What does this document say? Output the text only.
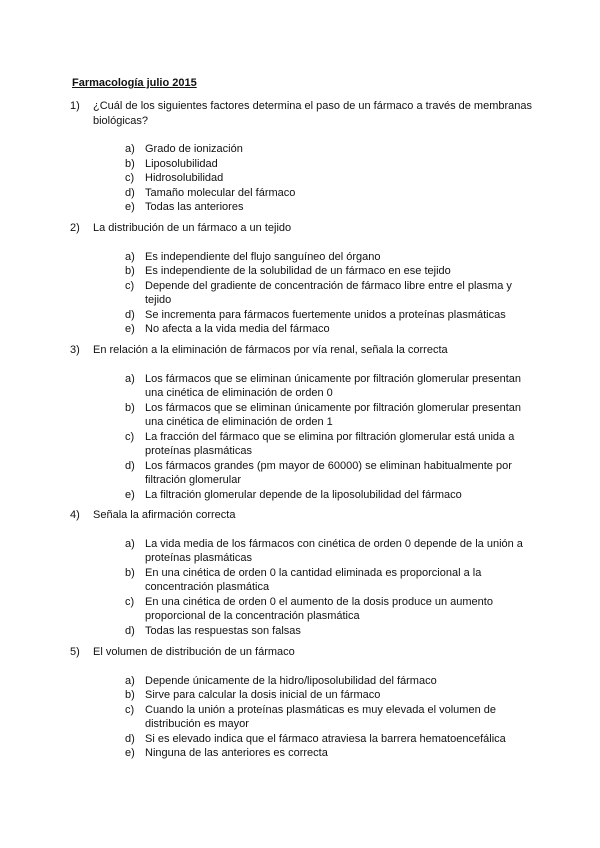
Farmacología julio 2015
1) ¿Cuál de los siguientes factores determina el paso de un fármaco a través de membranas biológicas?
a) Grado de ionización
b) Liposolubilidad
c) Hidrosolubilidad
d) Tamaño molecular del fármaco
e) Todas las anteriores
2) La distribución de un fármaco a un tejido
a) Es independiente del flujo sanguíneo del órgano
b) Es independiente de la solubilidad de un fármaco en ese tejido
c) Depende del gradiente de concentración de fármaco libre entre el plasma y tejido
d) Se incrementa para fármacos fuertemente unidos a proteínas plasmáticas
e) No afecta a la vida media del fármaco
3) En relación a la eliminación de fármacos por vía renal, señala la correcta
a) Los fármacos que se eliminan únicamente por filtración glomerular presentan una cinética de eliminación de orden 0
b) Los fármacos que se eliminan únicamente por filtración glomerular presentan una cinética de eliminación de orden 1
c) La fracción del fármaco que se elimina por filtración glomerular está unida a proteínas plasmáticas
d) Los fármacos grandes (pm mayor de 60000) se eliminan habitualmente por filtración glomerular
e) La filtración glomerular depende de la liposolubilidad del fármaco
4) Señala la afirmación correcta
a) La vida media de los fármacos con cinética de orden 0 depende de la unión a proteínas plasmáticas
b) En una cinética de orden 0 la cantidad eliminada es proporcional a la concentración plasmática
c) En una cinética de orden 0 el aumento de la dosis produce un aumento proporcional de la concentración plasmática
d) Todas las respuestas son falsas
5) El volumen de distribución de un fármaco
a) Depende únicamente de la hidro/liposolubilidad del fármaco
b) Sirve para calcular la dosis inicial de un fármaco
c) Cuando la unión a proteínas plasmáticas es muy elevada el volumen de distribución es mayor
d) Si es elevado indica que el fármaco atraviesa la barrera hematoencefálica
e) Ninguna de las anteriores es correcta
